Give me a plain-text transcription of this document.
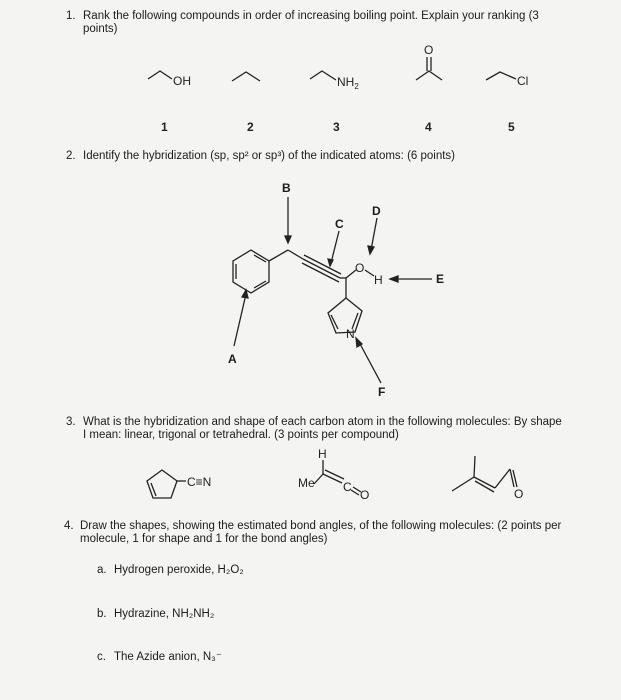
1. Rank the following compounds in order of increasing boiling point. Explain your ranking (3
points)
OH	$NH_2$
O
Cl
1	2	3	4	5
O
H
N
C≡N
H
Me C
O	O
2. Identify the hybridization (sp, sp² or sp³) of the indicated atoms: (6 points)
B
C
D
E
A
F
3. What is the hybridization and shape of each carbon atom in the following molecules: By shape
I mean: linear, trigonal or tetrahedral. (3 points per compound)
4. Draw the shapes, showing the estimated bond angles, of the following molecules: (2 points per
molecule, 1 for shape and 1 for the bond angles)
a. Hydrogen peroxide, H₂O₂
b. Hydrazine, NH₂NH₂
c. The Azide anion, N₃⁻
